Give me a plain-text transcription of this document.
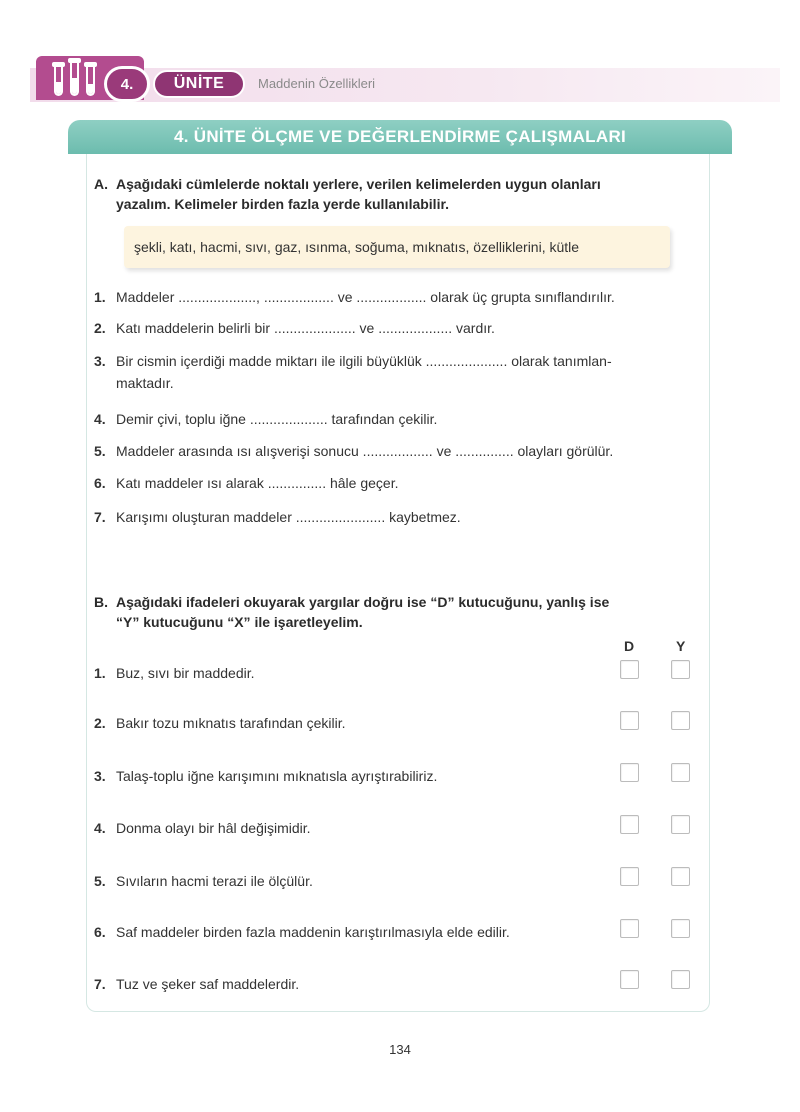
4.	ÜNİTE	Maddenin Özellikleri
4. ÜNİTE ÖLÇME VE DEĞERLENDİRME ÇALIŞMALARI
A. Aşağıdaki cümlelerde noktalı yerlere, verilen kelimelerden uygun olanları
yazalım. Kelimeler birden fazla yerde kullanılabilir.
şekli, katı, hacmi, sıvı, gaz, ısınma, soğuma, mıknatıs, özelliklerini, kütle
1. Maddeler ...................., .................. ve .................. olarak üç grupta sınıflandırılır.
2. Katı maddelerin belirli bir ..................... ve ................... vardır.
3. Bir cismin içerdiği madde miktarı ile ilgili büyüklük ..................... olarak tanımlan-
maktadır.
4. Demir çivi, toplu iğne .................... tarafından çekilir.
5. Maddeler arasında ısı alışverişi sonucu .................. ve ............... olayları görülür.
6. Katı maddeler ısı alarak ............... hâle geçer.
7. Karışımı oluşturan maddeler ....................... kaybetmez.
B. Aşağıdaki ifadeleri okuyarak yargılar doğru ise “D” kutucuğunu, yanlış ise
“Y” kutucuğunu “X” ile işaretleyelim.
D	Y
1. Buz, sıvı bir maddedir.
2. Bakır tozu mıknatıs tarafından çekilir.
3. Talaş-toplu iğne karışımını mıknatısla ayrıştırabiliriz.
4. Donma olayı bir hâl değişimidir.
5. Sıvıların hacmi terazi ile ölçülür.
6. Saf maddeler birden fazla maddenin karıştırılmasıyla elde edilir.
7. Tuz ve şeker saf maddelerdir.
134
